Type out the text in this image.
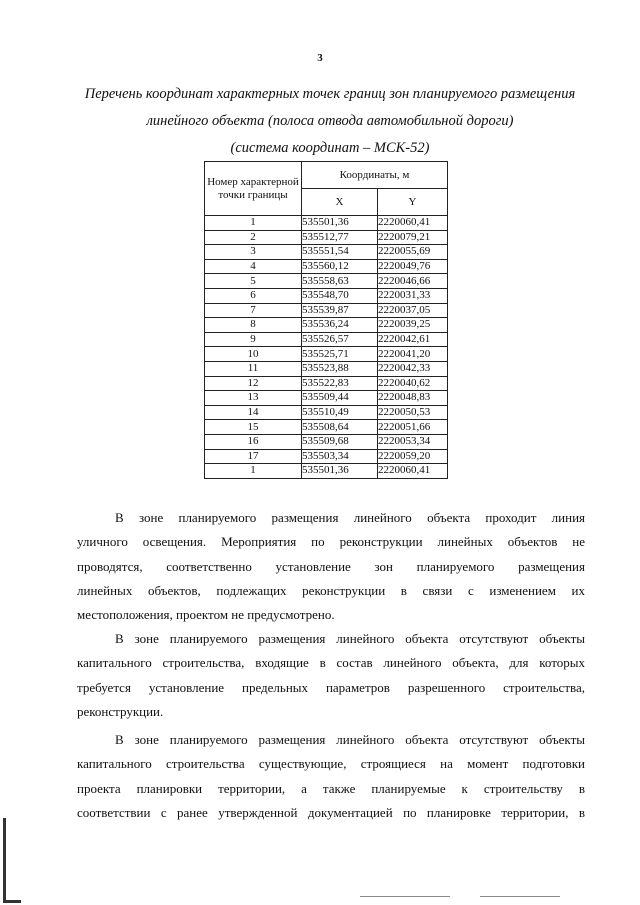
3
Перечень координат характерных точек границ зон планируемого размещения
линейного объекта (полоса отвода автомобильной дороги)
(система координат – МСК-52)
Номер характерной точки границы	Координаты, м	
	X	Y
1	535501,36	2220060,41
2	535512,77	2220079,21
3	535551,54	2220055,69
4	535560,12	2220049,76
5	535558,63	2220046,66
6	535548,70	2220031,33
7	535539,87	2220037,05
8	535536,24	2220039,25
9	535526,57	2220042,61
10	535525,71	2220041,20
11	535523,88	2220042,33
12	535522,83	2220040,62
13	535509,44	2220048,83
14	535510,49	2220050,53
15	535508,64	2220051,66
16	535509,68	2220053,34
17	535503,34	2220059,20
1	535501,36	2220060,41
В зоне планируемого размещения линейного объекта проходит линия
уличного освещения. Мероприятия по реконструкции линейных объектов не
проводятся, соответственно установление зон планируемого размещения
линейных объектов, подлежащих реконструкции в связи с изменением их
местоположения, проектом не предусмотрено.
В зоне планируемого размещения линейного объекта отсутствуют объекты
капитального строительства, входящие в состав линейного объекта, для которых
требуется установление предельных параметров разрешенного строительства,
реконструкции.
В зоне планируемого размещения линейного объекта отсутствуют объекты
капитального строительства существующие, строящиеся на момент подготовки
проекта планировки территории, а также планируемые к строительству в
соответствии с ранее утвержденной документацией по планировке территории, в
